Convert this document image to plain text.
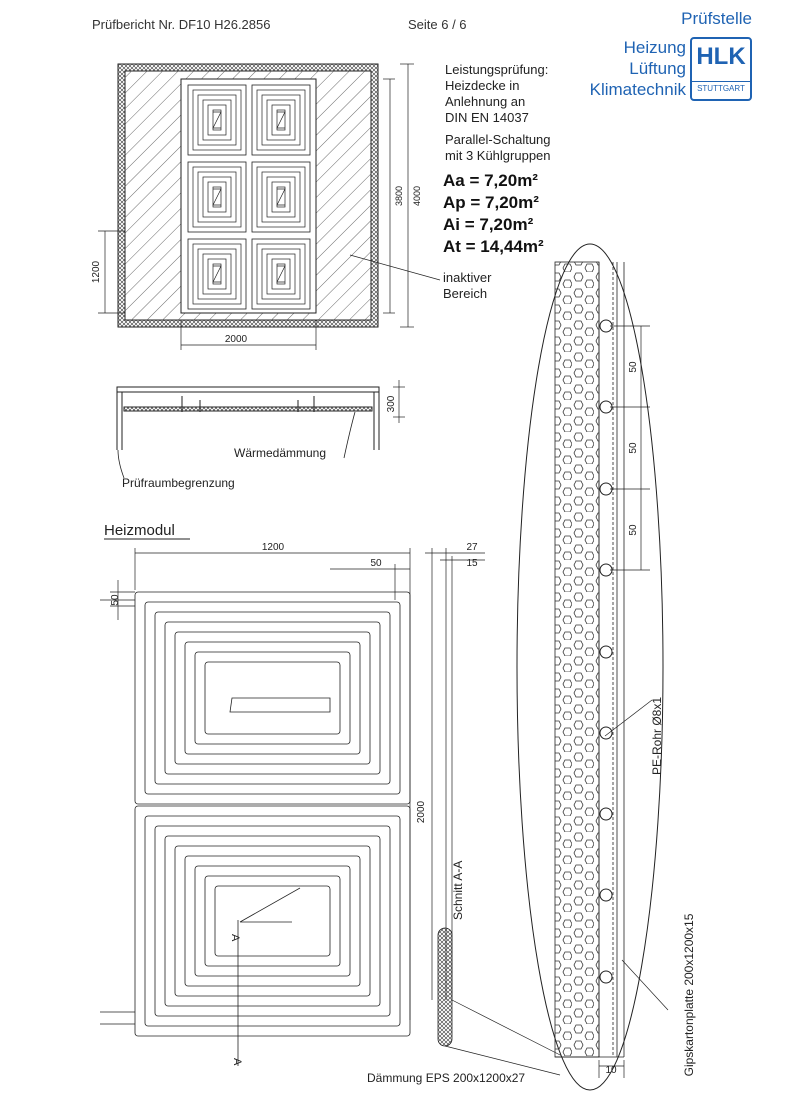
Prüfbericht Nr. DF10 H26.2856	Seite 6 / 6	Prüfstelle
Heizung
Lüftung
Klimatechnik
HLK
STUTTGART
Leistungsprüfung:
Heizdecke in
Anlehnung an
DIN EN 14037
Parallel-Schaltung
mit 3 Kühlgruppen
Aa = 7,20m²
Ap = 7,20m²
Ai = 7,20m²
At = 14,44m²
inaktiver
Bereich
2000
3800 4000
1200
300
Wärmedämmung
Prüfraumbegrenzung
Heizmodul
1200
50
27
15
50
2000
Schnitt A-A
A
A
Dämmung EPS 200x1200x27
50
50
50
PE-Rohr Ø8x1
Gipskartonplatte 200x1200x15
10
